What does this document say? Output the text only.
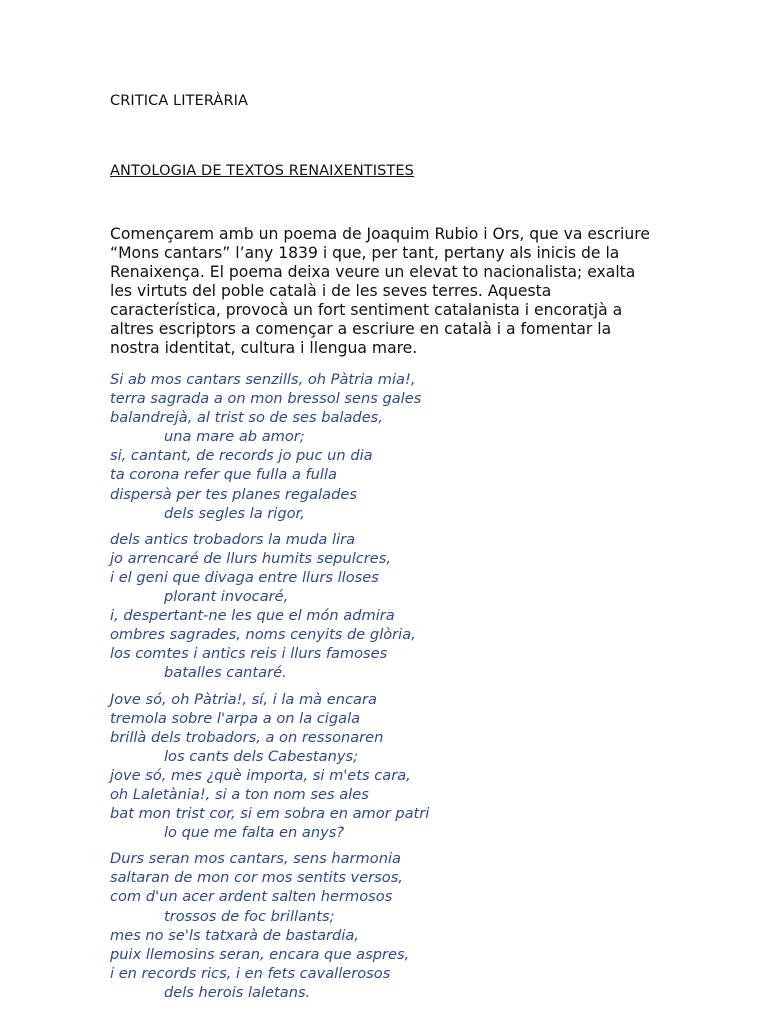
CRITICA LITERÀRIA
ANTOLOGIA DE TEXTOS RENAIXENTISTES
Començarem amb un poema de Joaquim Rubio i Ors, que va escriure
“Mons cantars” l’any 1839 i que, per tant, pertany als inicis de la
Renaixença. El poema deixa veure un elevat to nacionalista; exalta
les virtuts del poble català i de les seves terres. Aquesta
característica, provocà un fort sentiment catalanista i encoratjà a
altres escriptors a començar a escriure en català i a fomentar la
nostra identitat, cultura i llengua mare.
Si ab mos cantars senzills, oh Pàtria mia!,
terra sagrada a on mon bressol sens gales
balandrejà, al trist so de ses balades,
una mare ab amor;
si, cantant, de records jo puc un dia
ta corona refer que fulla a fulla
dispersà per tes planes regalades
dels segles la rigor,
dels antics trobadors la muda lira
jo arrencaré de llurs humits sepulcres,
i el geni que divaga entre llurs lloses
plorant invocaré,
i, despertant-ne les que el món admira
ombres sagrades, noms cenyits de glòria,
los comtes i antics reis i llurs famoses
batalles cantaré.
Jove só, oh Pàtria!, sí, i la mà encara
tremola sobre l'arpa a on la cigala
brillà dels trobadors, a on ressonaren
los cants dels Cabestanys;
jove só, mes ¿què importa, si m'ets cara,
oh Laletània!, si a ton nom ses ales
bat mon trist cor, si em sobra en amor patri
lo que me falta en anys?
Durs seran mos cantars, sens harmonia
saltaran de mon cor mos sentits versos,
com d'un acer ardent salten hermosos
trossos de foc brillants;
mes no se'ls tatxarà de bastardia,
puix llemosins seran, encara que aspres,
i en records rics, i en fets cavallerosos
dels herois laletans.
